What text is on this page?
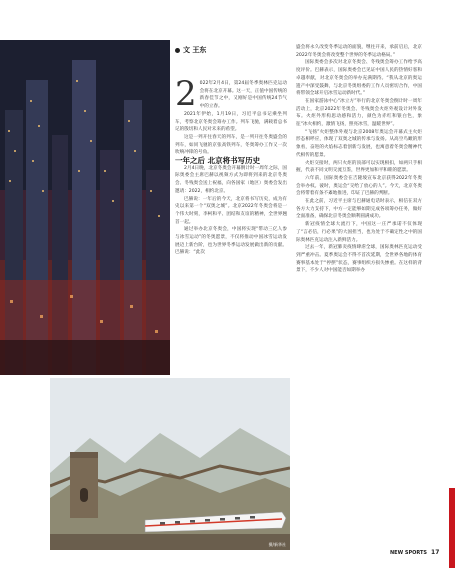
文 王东

2 022年2月4日，第24届冬季奥林匹克运动会将在北京开幕。这一天，正值中国传统的新春佳节之中，又刚好是中国传统24节气中的立春。

2021年伊始，1月19日，习近平总书记乘坐列车，考察北京冬奥会筹办工作。列车飞驰，满载着总书记的殷切和人民对未来的希望。

这是一列开往春天的列车，是一列开往冬奥盛会的列车，如同飞驰的京张高铁列车，冬奥筹办工作又一次吹响冲锋的号角。

一年之后 北京将书写历史

2月4日晚，北京冬奥会开幕倒计时一周年之际，国际奥委会主席巴赫以视频方式为即将到来的北京冬奥会、冬残奥会送上祝福，向各国家（地区）奥委会发出邀请：2022，相约北京。

巴赫说：一年后的今天，北京将书写历史，成为有史以来第一个“双奥之城”。北京2022年冬奥会将是一个伟大时刻，李柯和平、团结和友谊的精神，全世界翘首一起。

通过举办北京冬奥会，中国将实现“带动三亿人参与冰雪运动”的冬奥愿景，不仅将推动中国冰雪运动发展迈上新台阶，也为世界冬季运动发展做出新的贡献。巴赫说：“此次

盛会将永久改变冬季运动的面貌，继往开来，承前启后，北京2022年冬奥会将改变整个世界的冬季运动格局。”

国际奥委会多次对北京冬奥会、冬残奥会筹办工作给予高度评价。巴赫表示，国际奥委会已见证中国人民的热情好客和卓越奉献，对北京冬奥会的举办充满期待。“我从北京的奥运遗产中深受鼓舞，与北京冬奥组委的工作人员密切合作，中国将带领全球开启冰雪运动新时代。”

在国家游泳中心“冰立方”举行的北京冬奥会倒计时一周年活动上，北京2022年冬奥会、冬残奥会火炬外观设计对外发布。火炬外形构思动感和活力，颜色为赤红和银白色，象征“冰火相约，激情飞扬，照亮冰雪，温暖世界”。

“飞扬”火炬整体外观与北京2008年奥运会开幕式主火炬形态相呼应，体现了双奥之城的传承与发扬。从高空鸟瞰的形象看，奋进的火焰标志着创新与发展，也寓意着冬奥会精神代代相传的愿景。

火炬交接时，两只火炬的顶部可以实现相扣，如两只手相握，代表不同文明交流互鉴，世界更加和平和睦的愿景。

六年前，国际奥委会在吉隆坡宣布北京获得2022年冬奥会举办权。彼时，奥运会“交给了放心的人”。今天，北京冬奥会将带着有条不紊地推进，印证了巴赫的判断。

在此之前，习近平主席与巴赫通电话时表示，相信在双方各方大力支持下，中方一定能够如期完成各项筹办任务，做好全面准备，确保北京冬奥会顺利圆满成功。

新冠疫情全球大流行下，中国这一庄严承诺不仅体现了“言必信，行必果”的大国担当，也为处于不确定性之中的国际奥林匹克运动注入新鲜活力。

过去一年，新冠肺炎疫情肆虐全球，国际奥林匹克运动受到严重冲击。夏季奥运会不得不首次延期，全世界各地的体育赛事基本处于“停摆”状态，赛事组织方损失惨重。在这样的背景下，不少人对中国能否如期举办

摄/新华社
NEW SPORTS 17
